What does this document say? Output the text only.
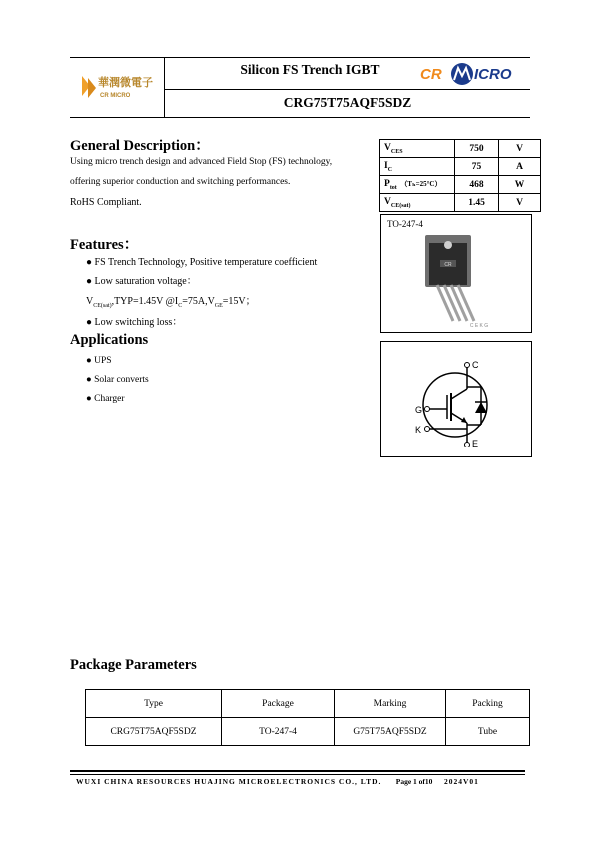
華潤微電子
CR MICRO
Silicon FS Trench IGBT	CR ICRO
CRG75T75AQF5SDZ
General Description：
Using micro trench design and advanced Field Stop (FS) technology,
offering superior conduction and switching performances.
RoHS Compliant.
$V_{CES}$	750	V
$I_C$	75	A
$P_{tot}$  （Tₕ=25°C）	468	W
$V_{CE(sat)}$	1.45	V
TO-247-4
CR
C E K G
C
G
K
E
Features：
● FS Trench Technology, Positive temperature coefficient
● Low saturation voltage：
$V_{CE(sat)},TYP=1.45V$ $@I_C=75A,V_{GE}=15V$；
● Low switching loss：
Applications
● UPS
● Solar converts
● Charger
Package Parameters
Type	Package	Marking	Packing
CRG75T75AQF5SDZ	TO-247-4	G75T75AQF5SDZ	Tube
WUXI CHINA RESOURCES HUAJING MICROELECTRONICS CO., LTD. Page 1 of10 2024V01
